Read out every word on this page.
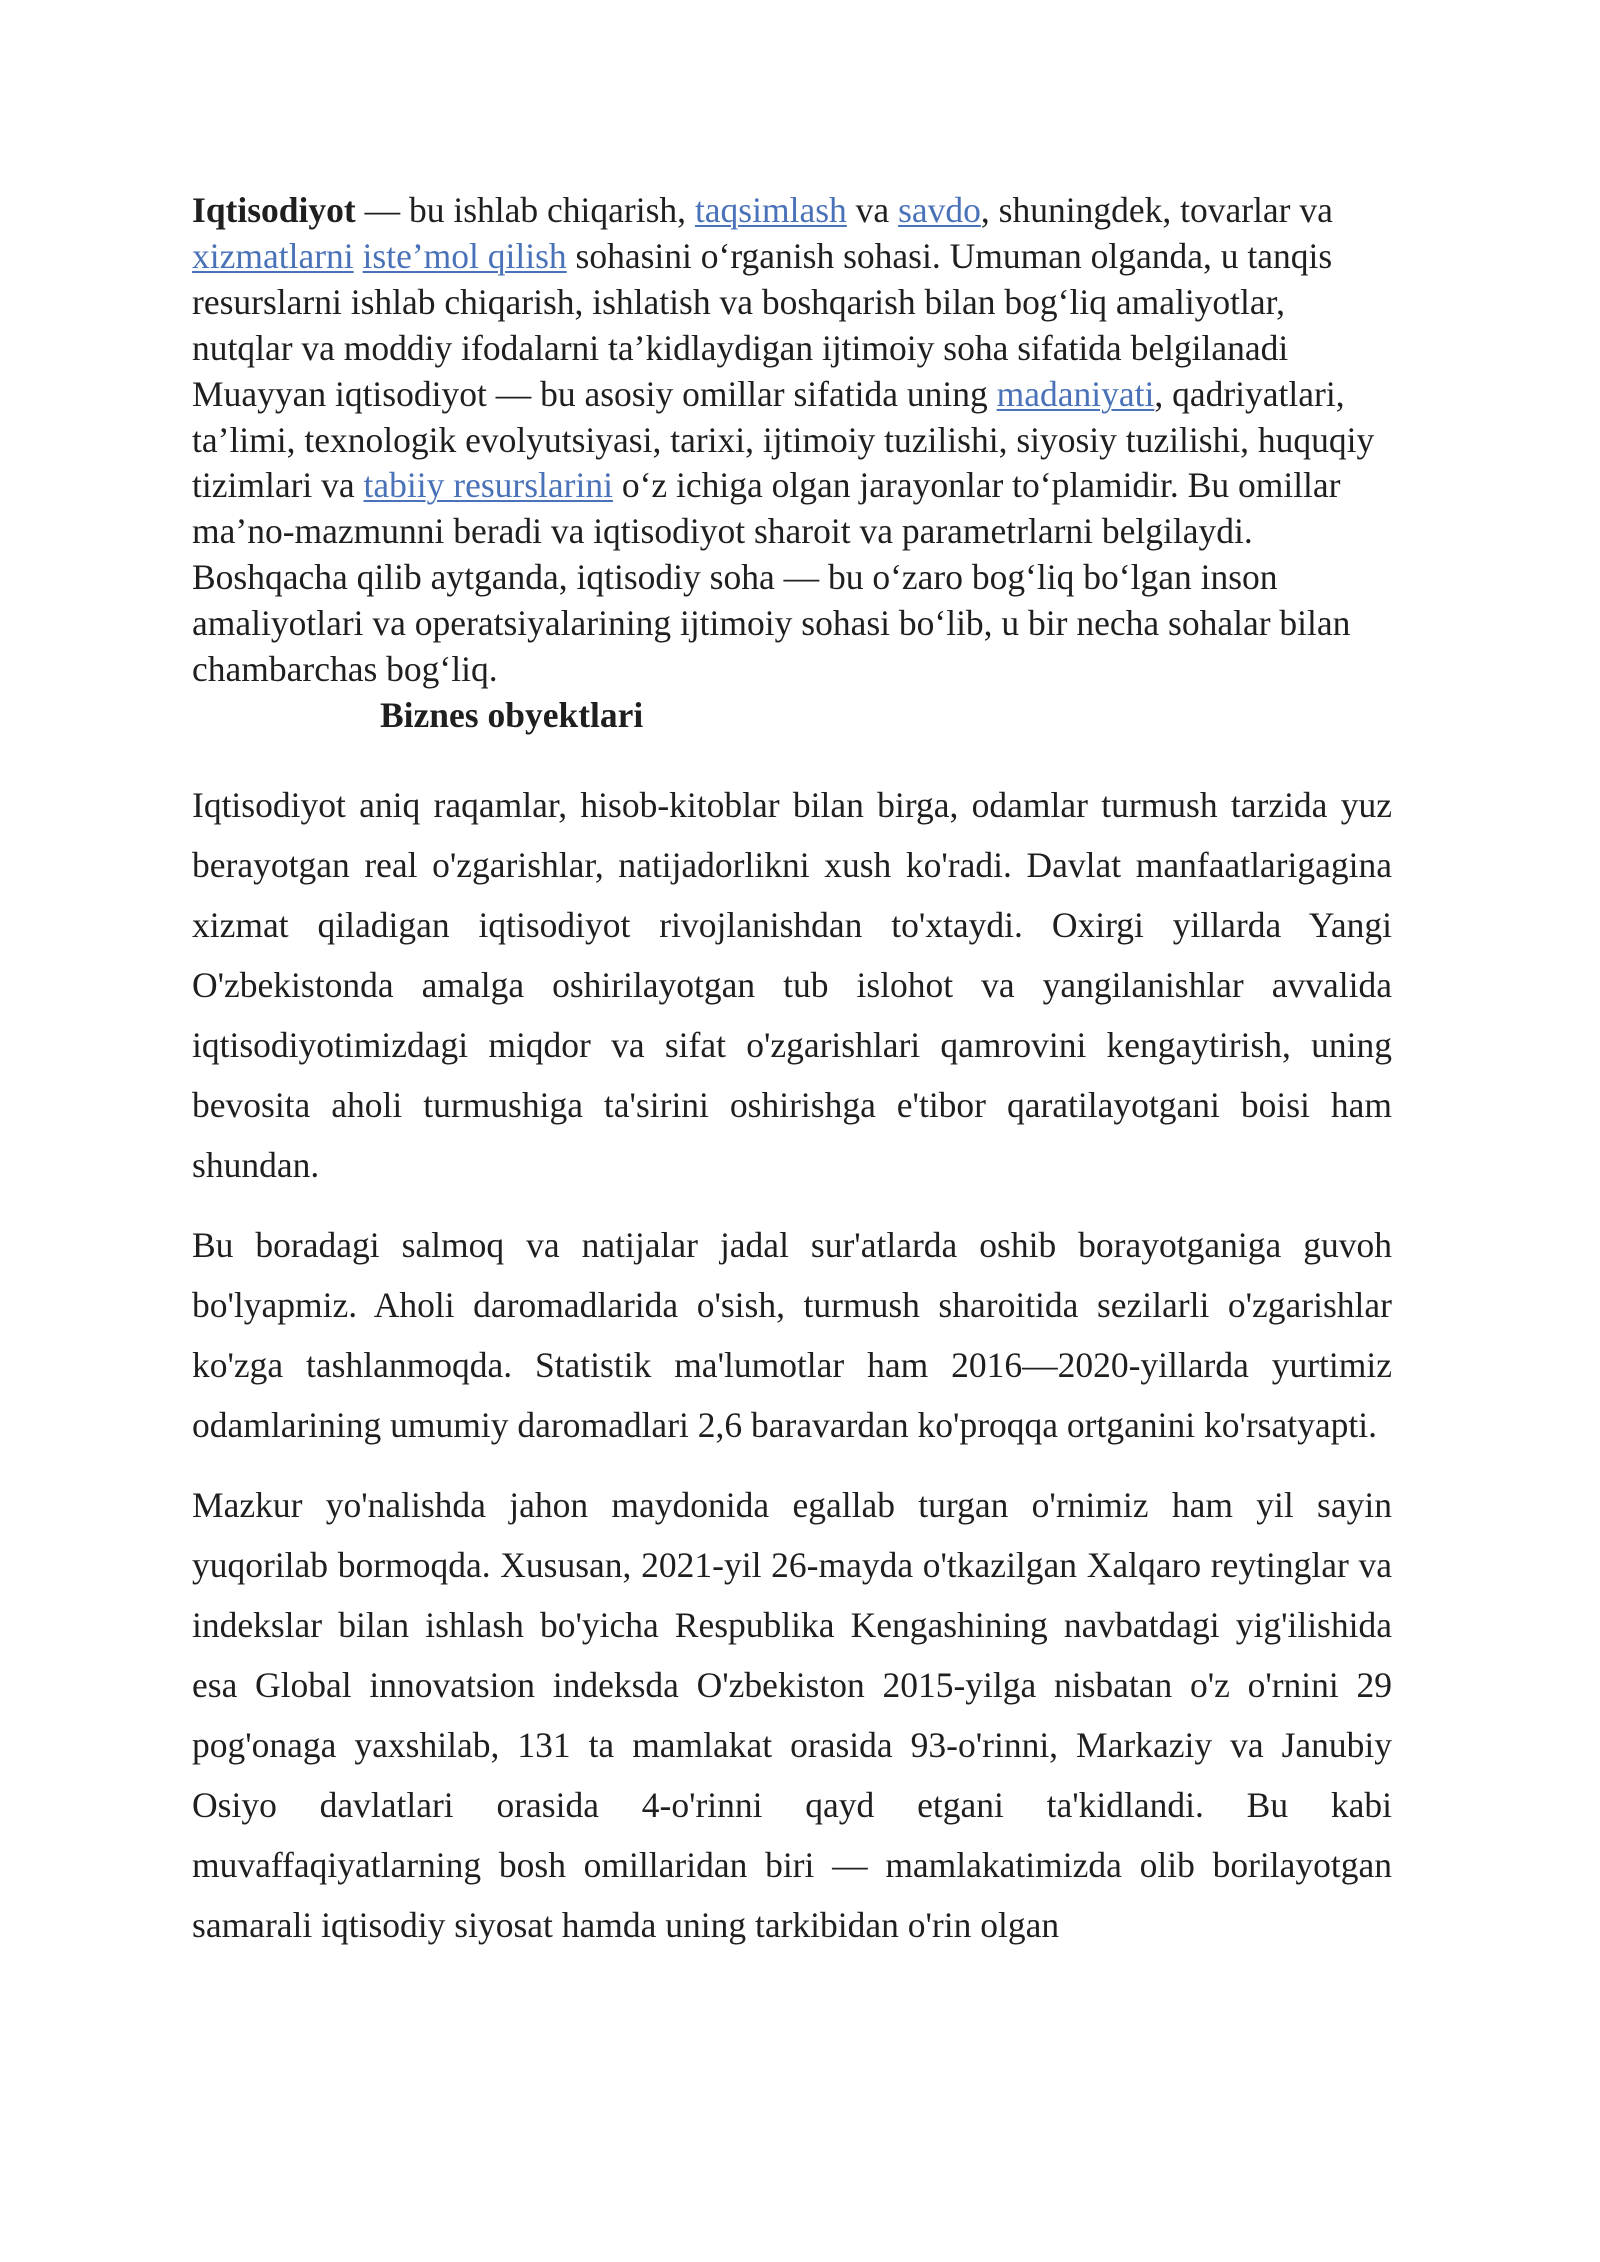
Iqtisodiyot — bu ishlab chiqarish, taqsimlash va savdo, shuningdek, tovarlar va xizmatlarni iste’mol qilish sohasini o‘rganish sohasi. Umuman olganda, u tanqis resurslarni ishlab chiqarish, ishlatish va boshqarish bilan bog‘liq amaliyotlar, nutqlar va moddiy ifodalarni ta’kidlaydigan ijtimoiy soha sifatida belgilanadi Muayyan iqtisodiyot — bu asosiy omillar sifatida uning madaniyati, qadriyatlari, ta’limi, texnologik evolyutsiyasi, tarixi, ijtimoiy tuzilishi, siyosiy tuzilishi, huquqiy tizimlari va tabiiy resurslarini o‘z ichiga olgan jarayonlar to‘plamidir. Bu omillar ma’no-mazmunni beradi va iqtisodiyot sharoit va parametrlarni belgilaydi. Boshqacha qilib aytganda, iqtisodiy soha — bu o‘zaro bog‘liq bo‘lgan inson amaliyotlari va operatsiyalarining ijtimoiy sohasi bo‘lib, u bir necha sohalar bilan chambarchas bog‘liq.

Biznes obyektlari

Iqtisodiyot aniq raqamlar, hisob-kitoblar bilan birga, odamlar turmush tarzida yuz berayotgan real o'zgarishlar, natijadorlikni xush ko'radi. Davlat manfaatlarigagina xizmat qiladigan iqtisodiyot rivojlanishdan to'xtaydi. Oxirgi yillarda Yangi O'zbekistonda amalga oshirilayotgan tub islohot va yangilanishlar avvalida iqtisodiyotimizdagi miqdor va sifat o'zgarishlari qamrovini kengaytirish, uning bevosita aholi turmushiga ta'sirini oshirishga e'tibor qaratilayotgani boisi ham shundan.

Bu boradagi salmoq va natijalar jadal sur'atlarda oshib borayotganiga guvoh bo'lyapmiz. Aholi daromadlarida o'sish, turmush sharoitida sezilarli o'zgarishlar ko'zga tashlanmoqda. Statistik ma'lumotlar ham 2016—2020-yillarda yurtimiz odamlarining umumiy daromadlari 2,6 baravardan ko'proqqa ortganini ko'rsatyapti.

Mazkur yo'nalishda jahon maydonida egallab turgan o'rnimiz ham yil sayin yuqorilab bormoqda. Xususan, 2021-yil 26-mayda o'tkazilgan Xalqaro reytinglar va indekslar bilan ishlash bo'yicha Respublika Kengashining navbatdagi yig'ilishida esa Global innovatsion indeksda O'zbekiston 2015-yilga nisbatan o'z o'rnini 29 pog'onaga yaxshilab, 131 ta mamlakat orasida 93-o'rinni, Markaziy va Janubiy Osiyo davlatlari orasida 4-o'rinni qayd etgani ta'kidlandi. Bu kabi muvaffaqiyatlarning bosh omillaridan biri — mamlakatimizda olib borilayotgan samarali iqtisodiy siyosat hamda uning tarkibidan o'rin olgan
